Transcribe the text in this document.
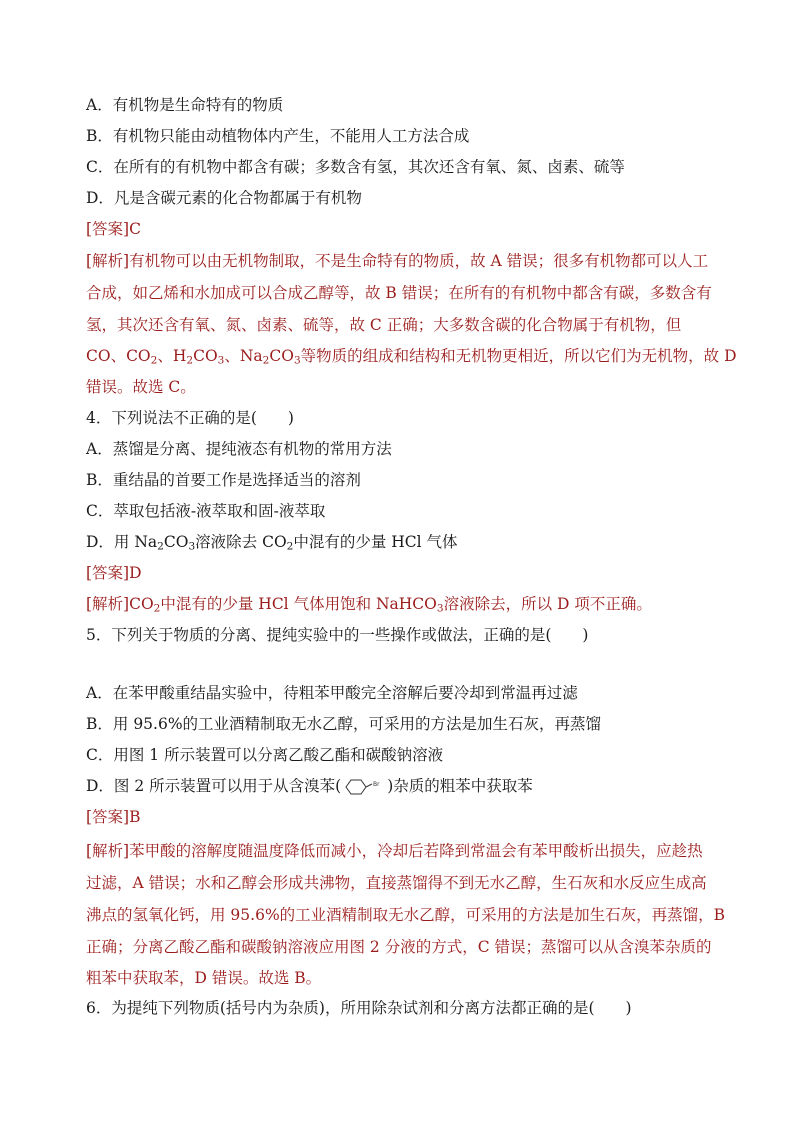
A．有机物是生命特有的物质
B．有机物只能由动植物体内产生，不能用人工方法合成
C．在所有的有机物中都含有碳；多数含有氢，其次还含有氧、氮、卤素、硫等
D．凡是含碳元素的化合物都属于有机物
[答案]C
[解析]有机物可以由无机物制取，不是生命特有的物质，故 A 错误；很多有机物都可以人工
合成，如乙烯和水加成可以合成乙醇等，故 B 错误；在所有的有机物中都含有碳，多数含有
氢，其次还含有氧、氮、卤素、硫等，故 C 正确；大多数含碳的化合物属于有机物，但
CO、$CO_2$、$H_2CO_3$、$Na_2CO_3$等物质的组成和结构和无机物更相近，所以它们为无机物，故 D
错误。故选 C。
4．下列说法不正确的是(　　)
A．蒸馏是分离、提纯液态有机物的常用方法
B．重结晶的首要工作是选择适当的溶剂
C．萃取包括液-液萃取和固-液萃取
D．用 $Na_2CO_3$溶液除去 $CO_2$中混有的少量 HCl 气体
[答案]D
[解析]$CO_2$中混有的少量 HCl 气体用饱和 NaHCO$_3$溶液除去，所以 D 项不正确。
5．下列关于物质的分离、提纯实验中的一些操作或做法，正确的是(　　)
A．在苯甲酸重结晶实验中，待粗苯甲酸完全溶解后要冷却到常温再过滤
B．用 95.6%的工业酒精制取无水乙醇，可采用的方法是加生石灰，再蒸馏
C．用图 1 所示装置可以分离乙酸乙酯和碳酸钠溶液
D．图 2 所示装置可以用于从含溴苯(	Br )杂质的粗苯中获取苯
[答案]B
[解析]苯甲酸的溶解度随温度降低而减小，冷却后若降到常温会有苯甲酸析出损失，应趁热
过滤，A 错误；水和乙醇会形成共沸物，直接蒸馏得不到无水乙醇，生石灰和水反应生成高
沸点的氢氧化钙，用 95.6%的工业酒精制取无水乙醇，可采用的方法是加生石灰，再蒸馏，B
正确；分离乙酸乙酯和碳酸钠溶液应用图 2 分液的方式，C 错误；蒸馏可以从含溴苯杂质的
粗苯中获取苯，D 错误。故选 B。
6．为提纯下列物质(括号内为杂质)，所用除杂试剂和分离方法都正确的是(　　)
